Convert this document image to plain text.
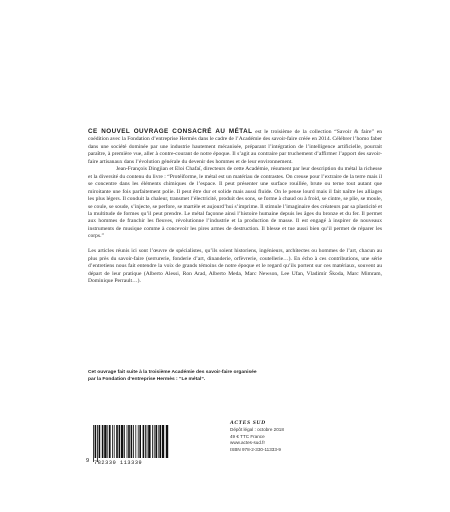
CE NOUVEL OUVRAGE CONSACRÉ AU MÉTAL est le troisième de la collection “Savoir & faire” en coédition avec la Fondation d’entreprise Hermès dans le cadre de l’Académie des savoir-faire créée en 2014. Célébrer l’homo faber dans une société dominée par une industrie hautement mécanisée, préparant l’intégration de l’intelligence artificielle, pourrait paraître, à première vue, aller à contre-courant de notre époque. Il s’agit au contraire par truchement d’affirmer l’apport des savoir-faire artisanaux dans l’évolution générale du devenir des hommes et de leur environnement.

Jean-François Dingjian et Eloi Chafaï, directeurs de cette Académie, résument par leur description du métal la richesse et la diversité du contenu du livre : “Protéiforme, le métal est un matériau de contrastes. On creuse pour l’extraire de la terre mais il se concentre dans les éléments chimiques de l’espace. Il peut présenter une surface rouillée, brute ou terne tout autant que miroitante une fois parfaitement polie. Il peut être dur et solide mais aussi fluide. On le pense lourd mais il fait naître les alliages les plus légers. Il conduit la chaleur, transmet l’électricité, produit des sons, se forme à chaud ou à froid, se cintre, se plie, se moule, se coule, se soude, s’injecte, se perfore, se martèle et aujourd’hui s’imprime. Il stimule l’imaginaire des créateurs par sa plasticité et la multitude de formes qu’il peut prendre. Le métal façonne ainsi l’histoire humaine depuis les âges du bronze et du fer. Il permet aux hommes de franchir les fleuves, révolutionne l’industrie et la production de masse. Il est engagé à inspirer de nouveaux instruments de musique comme à concevoir les pires armes de destruction. Il blesse et tue aussi bien qu’il permet de réparer les corps.”

Les articles réunis ici sont l’œuvre de spécialistes, qu’ils soient historiens, ingénieurs, architectes ou hommes de l’art, chacun au plus près du savoir-faire (serrurerie, fonderie d’art, dinanderie, orfèvrerie, coutellerie…). En écho à ces contributions, une série d’entretiens nous fait entendre la voix de grands témoins de notre époque et le regard qu’ils portent sur ces matériaux, souvent au départ de leur pratique (Alberto Alessi, Ron Arad, Alberto Meda, Marc Newson, Lee Ufan, Vladimír Škoda, Marc Mimram, Dominique Perrault…).

Cet ouvrage fait suite à la troisième Académie des savoir-faire organisée
par la Fondation d’entreprise Hermès : “Le métal”.
9 782330 113339
ACTES SUD
Dépôt légal : octobre 2018
49 € TTC France
www.actes-sud.fr
ISBN 978-2-330-11333-9
